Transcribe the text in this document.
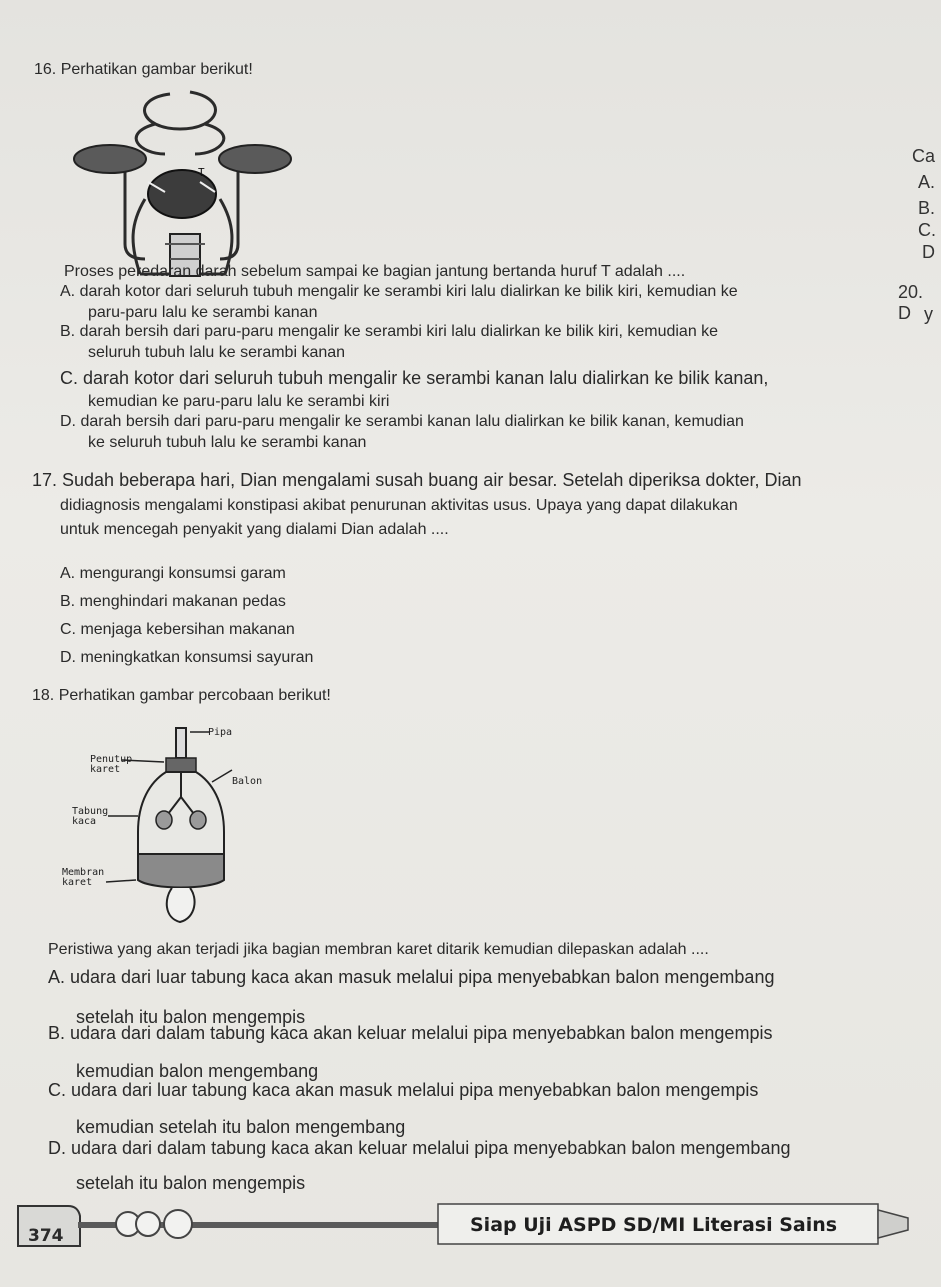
16. Perhatikan gambar berikut!
T
Proses peredaran darah sebelum sampai ke bagian jantung bertanda huruf T adalah ....
A. darah kotor dari seluruh tubuh mengalir ke serambi kiri lalu dialirkan ke bilik kiri, kemudian ke
paru-paru lalu ke serambi kanan
B. darah bersih dari paru-paru mengalir ke serambi kiri lalu dialirkan ke bilik kiri, kemudian ke
seluruh tubuh lalu ke serambi kanan
C. darah kotor dari seluruh tubuh mengalir ke serambi kanan lalu dialirkan ke bilik kanan,
kemudian ke paru-paru lalu ke serambi kiri
D. darah bersih dari paru-paru mengalir ke serambi kanan lalu dialirkan ke bilik kanan, kemudian
ke seluruh tubuh lalu ke serambi kanan
17. Sudah beberapa hari, Dian mengalami susah buang air besar. Setelah diperiksa dokter, Dian
didiagnosis mengalami konstipasi akibat penurunan aktivitas usus. Upaya yang dapat dilakukan
untuk mencegah penyakit yang dialami Dian adalah ....
A. mengurangi konsumsi garam
B. menghindari makanan pedas
C. menjaga kebersihan makanan
D. meningkatkan konsumsi sayuran
18. Perhatikan gambar percobaan berikut!
Pipa
Penutup
karet
Balon
Tabung
kaca
Membran
karet
Peristiwa yang akan terjadi jika bagian membran karet ditarik kemudian dilepaskan adalah ....
A. udara dari luar tabung kaca akan masuk melalui pipa menyebabkan balon mengembang
setelah itu balon mengempis
B. udara dari dalam tabung kaca akan keluar melalui pipa menyebabkan balon mengempis
kemudian balon mengembang
C. udara dari luar tabung kaca akan masuk melalui pipa menyebabkan balon mengempis
kemudian setelah itu balon mengembang
D. udara dari dalam tabung kaca akan keluar melalui pipa menyebabkan balon mengembang
setelah itu balon mengempis
Ca
A.
B.
C.
D
20. D y
374	Siap Uji ASPD SD/MI Literasi Sains
